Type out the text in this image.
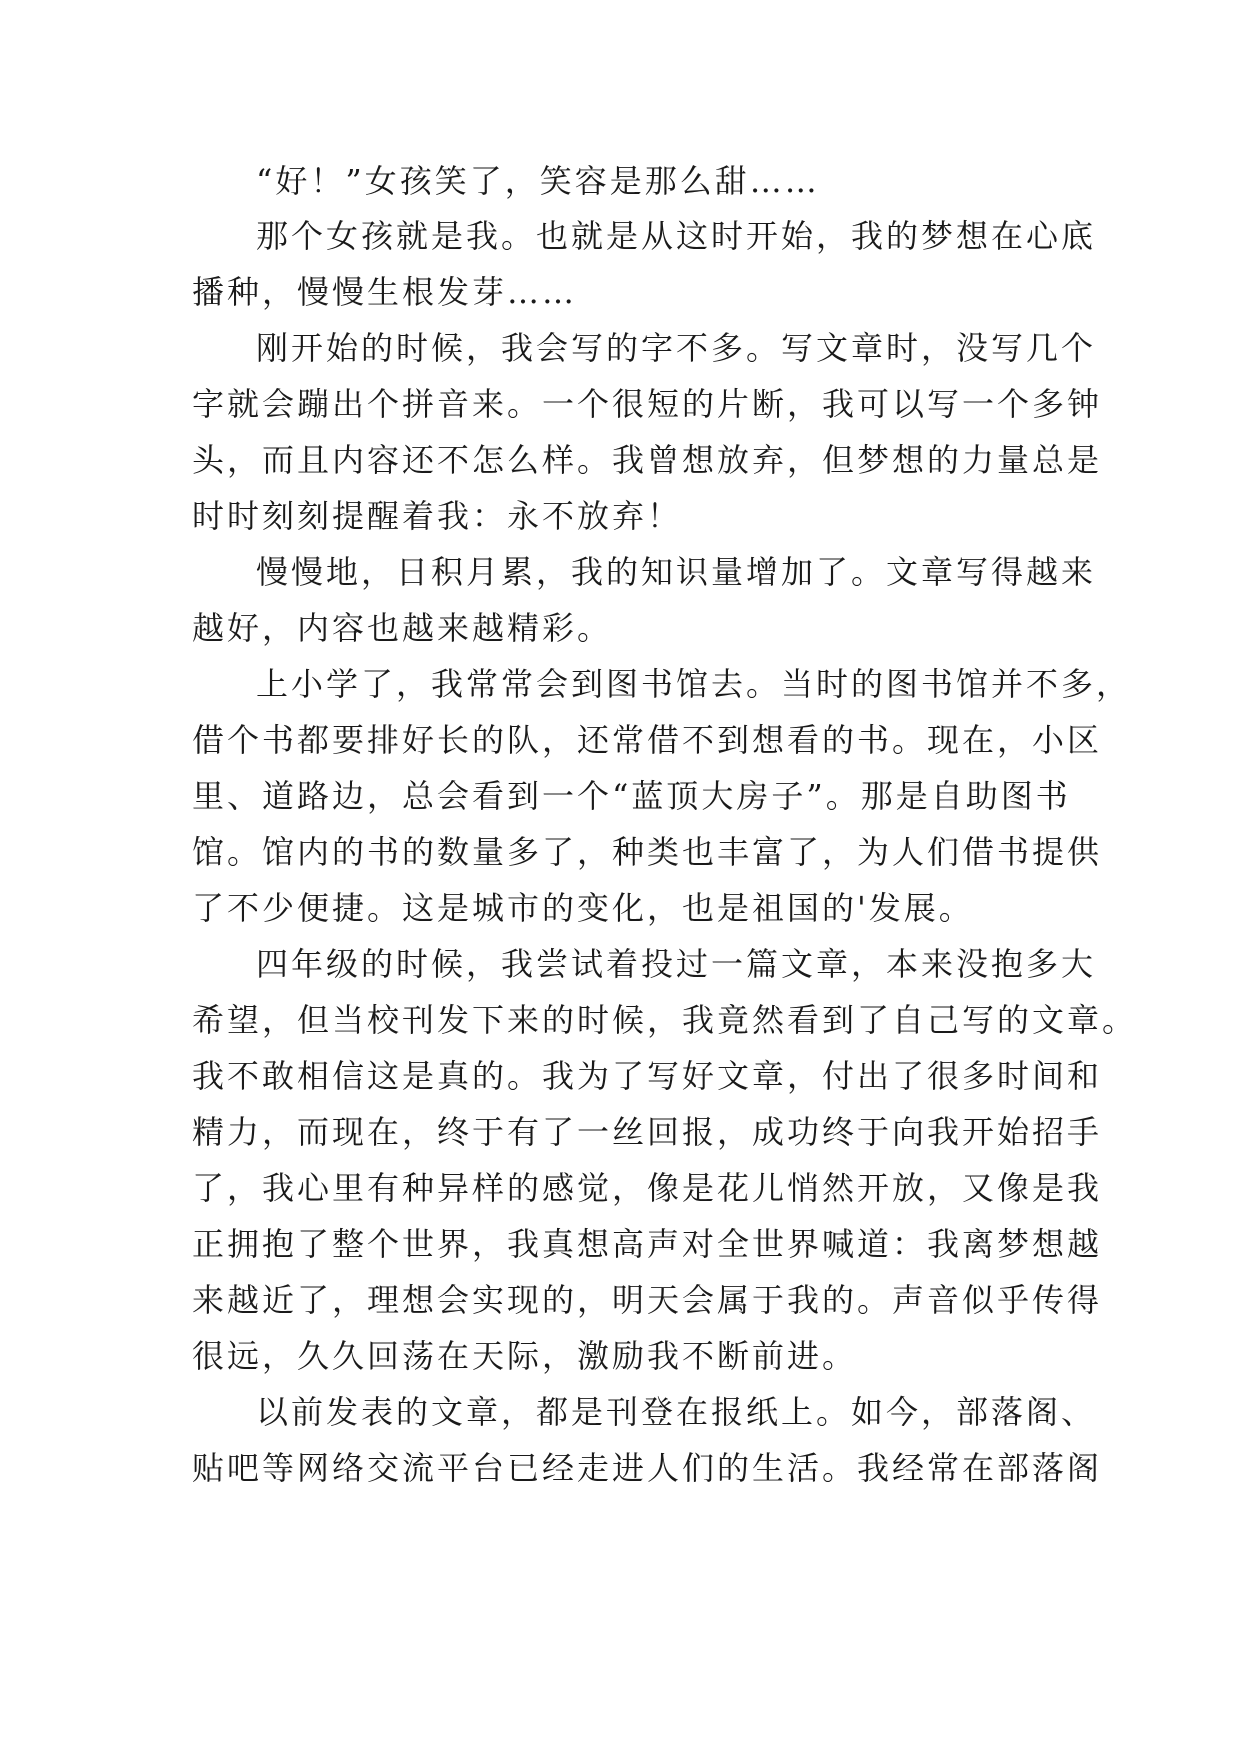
“好！”女孩笑了，笑容是那么甜……
那个女孩就是我。也就是从这时开始，我的梦想在心底
播种，慢慢生根发芽……
刚开始的时候，我会写的字不多。写文章时，没写几个
字就会蹦出个拼音来。一个很短的片断，我可以写一个多钟
头，而且内容还不怎么样。我曾想放弃，但梦想的力量总是
时时刻刻提醒着我：永不放弃！
慢慢地，日积月累，我的知识量增加了。文章写得越来
越好，内容也越来越精彩。
上小学了，我常常会到图书馆去。当时的图书馆并不多，
借个书都要排好长的队，还常借不到想看的书。现在，小区
里、道路边，总会看到一个“蓝顶大房子”。那是自助图书
馆。馆内的书的数量多了，种类也丰富了，为人们借书提供
了不少便捷。这是城市的变化，也是祖国的'发展。
四年级的时候，我尝试着投过一篇文章，本来没抱多大
希望，但当校刊发下来的时候，我竟然看到了自己写的文章。
我不敢相信这是真的。我为了写好文章，付出了很多时间和
精力，而现在，终于有了一丝回报，成功终于向我开始招手
了，我心里有种异样的感觉，像是花儿悄然开放，又像是我
正拥抱了整个世界，我真想高声对全世界喊道：我离梦想越
来越近了，理想会实现的，明天会属于我的。声音似乎传得
很远，久久回荡在天际，激励我不断前进。
以前发表的文章，都是刊登在报纸上。如今，部落阁、
贴吧等网络交流平台已经走进人们的生活。我经常在部落阁
